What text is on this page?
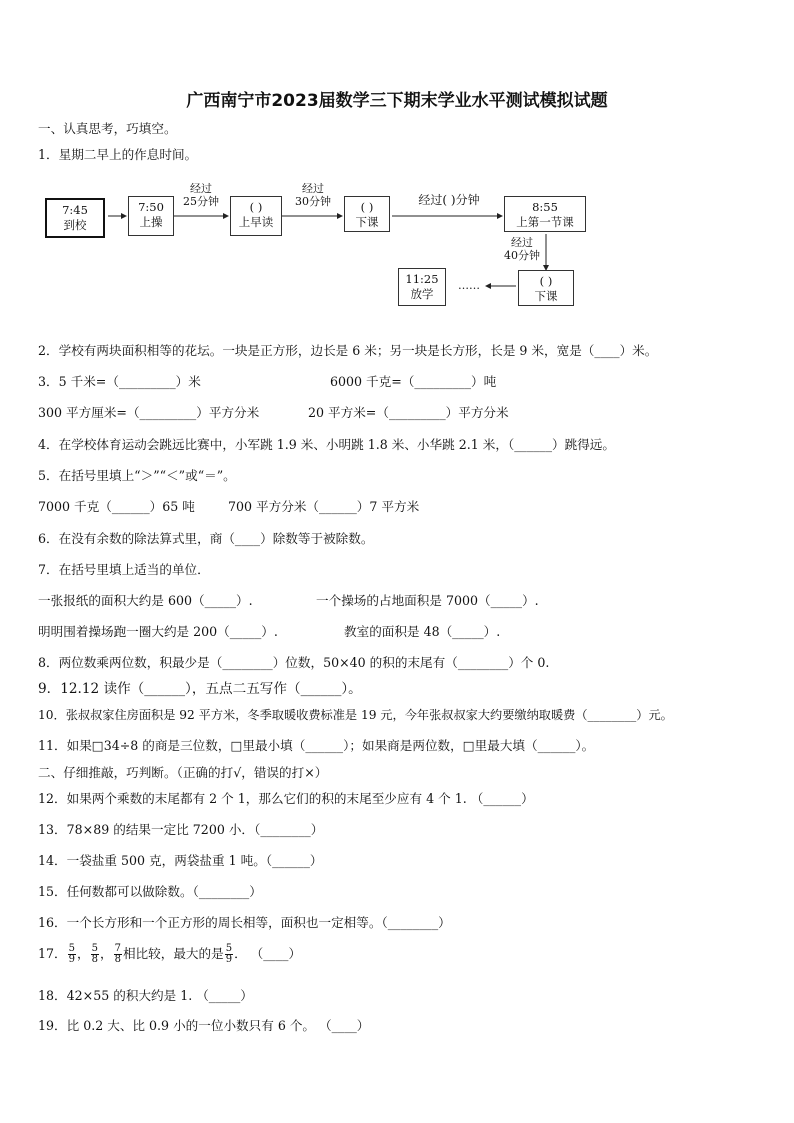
广西南宁市2023届数学三下期末学业水平测试模拟试题
一、认真思考，巧填空。
1．星期二早上的作息时间。
7:45
到校
7:50
上操
( )
上早读
( )
下课
8:55
上第一节课
( )
下课
11:25
放学
经过
25分钟
经过
30分钟	经过( )分钟
经过
40分钟
……
2．学校有两块面积相等的花坛。一块是正方形，边长是 6 米；另一块是长方形，长是 9 米，宽是（____）米。
3．5 千米=（_________）米	6000 千克=（_________）吨
300 平方厘米=（_________）平方分米	20 平方米=（_________）平方分米
4．在学校体育运动会跳远比赛中，小军跳 1.9 米、小明跳 1.8 米、小华跳 2.1 米，（______）跳得远。
5．在括号里填上“＞”“＜”或“＝”。
7000 千克（______）65 吨	700 平方分米（______）7 平方米
6．在没有余数的除法算式里，商（____）除数等于被除数。
7．在括号里填上适当的单位．
一张报纸的面积大约是 600（_____）.	一个操场的占地面积是 7000（_____）.
明明围着操场跑一圈大约是 200（_____）.	教室的面积是 48（_____）.
8．两位数乘两位数，积最少是（________）位数，50×40 的积的末尾有（________）个 0.
9．12.12 读作（______），五点二五写作（______）。
10．张叔叔家住房面积是 92 平方米，冬季取暖收费标准是 19 元，今年张叔叔家大约要缴纳取暖费（________）元。
11．如果□34÷8 的商是三位数，□里最小填（______）；如果商是两位数，□里最大填（______）。
二、仔细推敲，巧判断。（正确的打√，错误的打×）
12．如果两个乘数的末尾都有 2 个 1，那么它们的积的末尾至少应有 4 个 1. （______）
13．78×89 的结果一定比 7200 小．（________）
14．一袋盐重 500 克，两袋盐重 1 吨。（______）
15．任何数都可以做除数。（________）
16．一个长方形和一个正方形的周长相等，面积也一定相等。（________）
17． $\frac{5}{9}$ ， $\frac{5}{8}$ ， $\frac{7}{8}$ 相比较，最大的是 $\frac{5}{9}$ ． （____）
18．42×55 的积大约是 1. （_____）
19．比 0.2 大、比 0.9 小的一位小数只有 6 个。 （____）
